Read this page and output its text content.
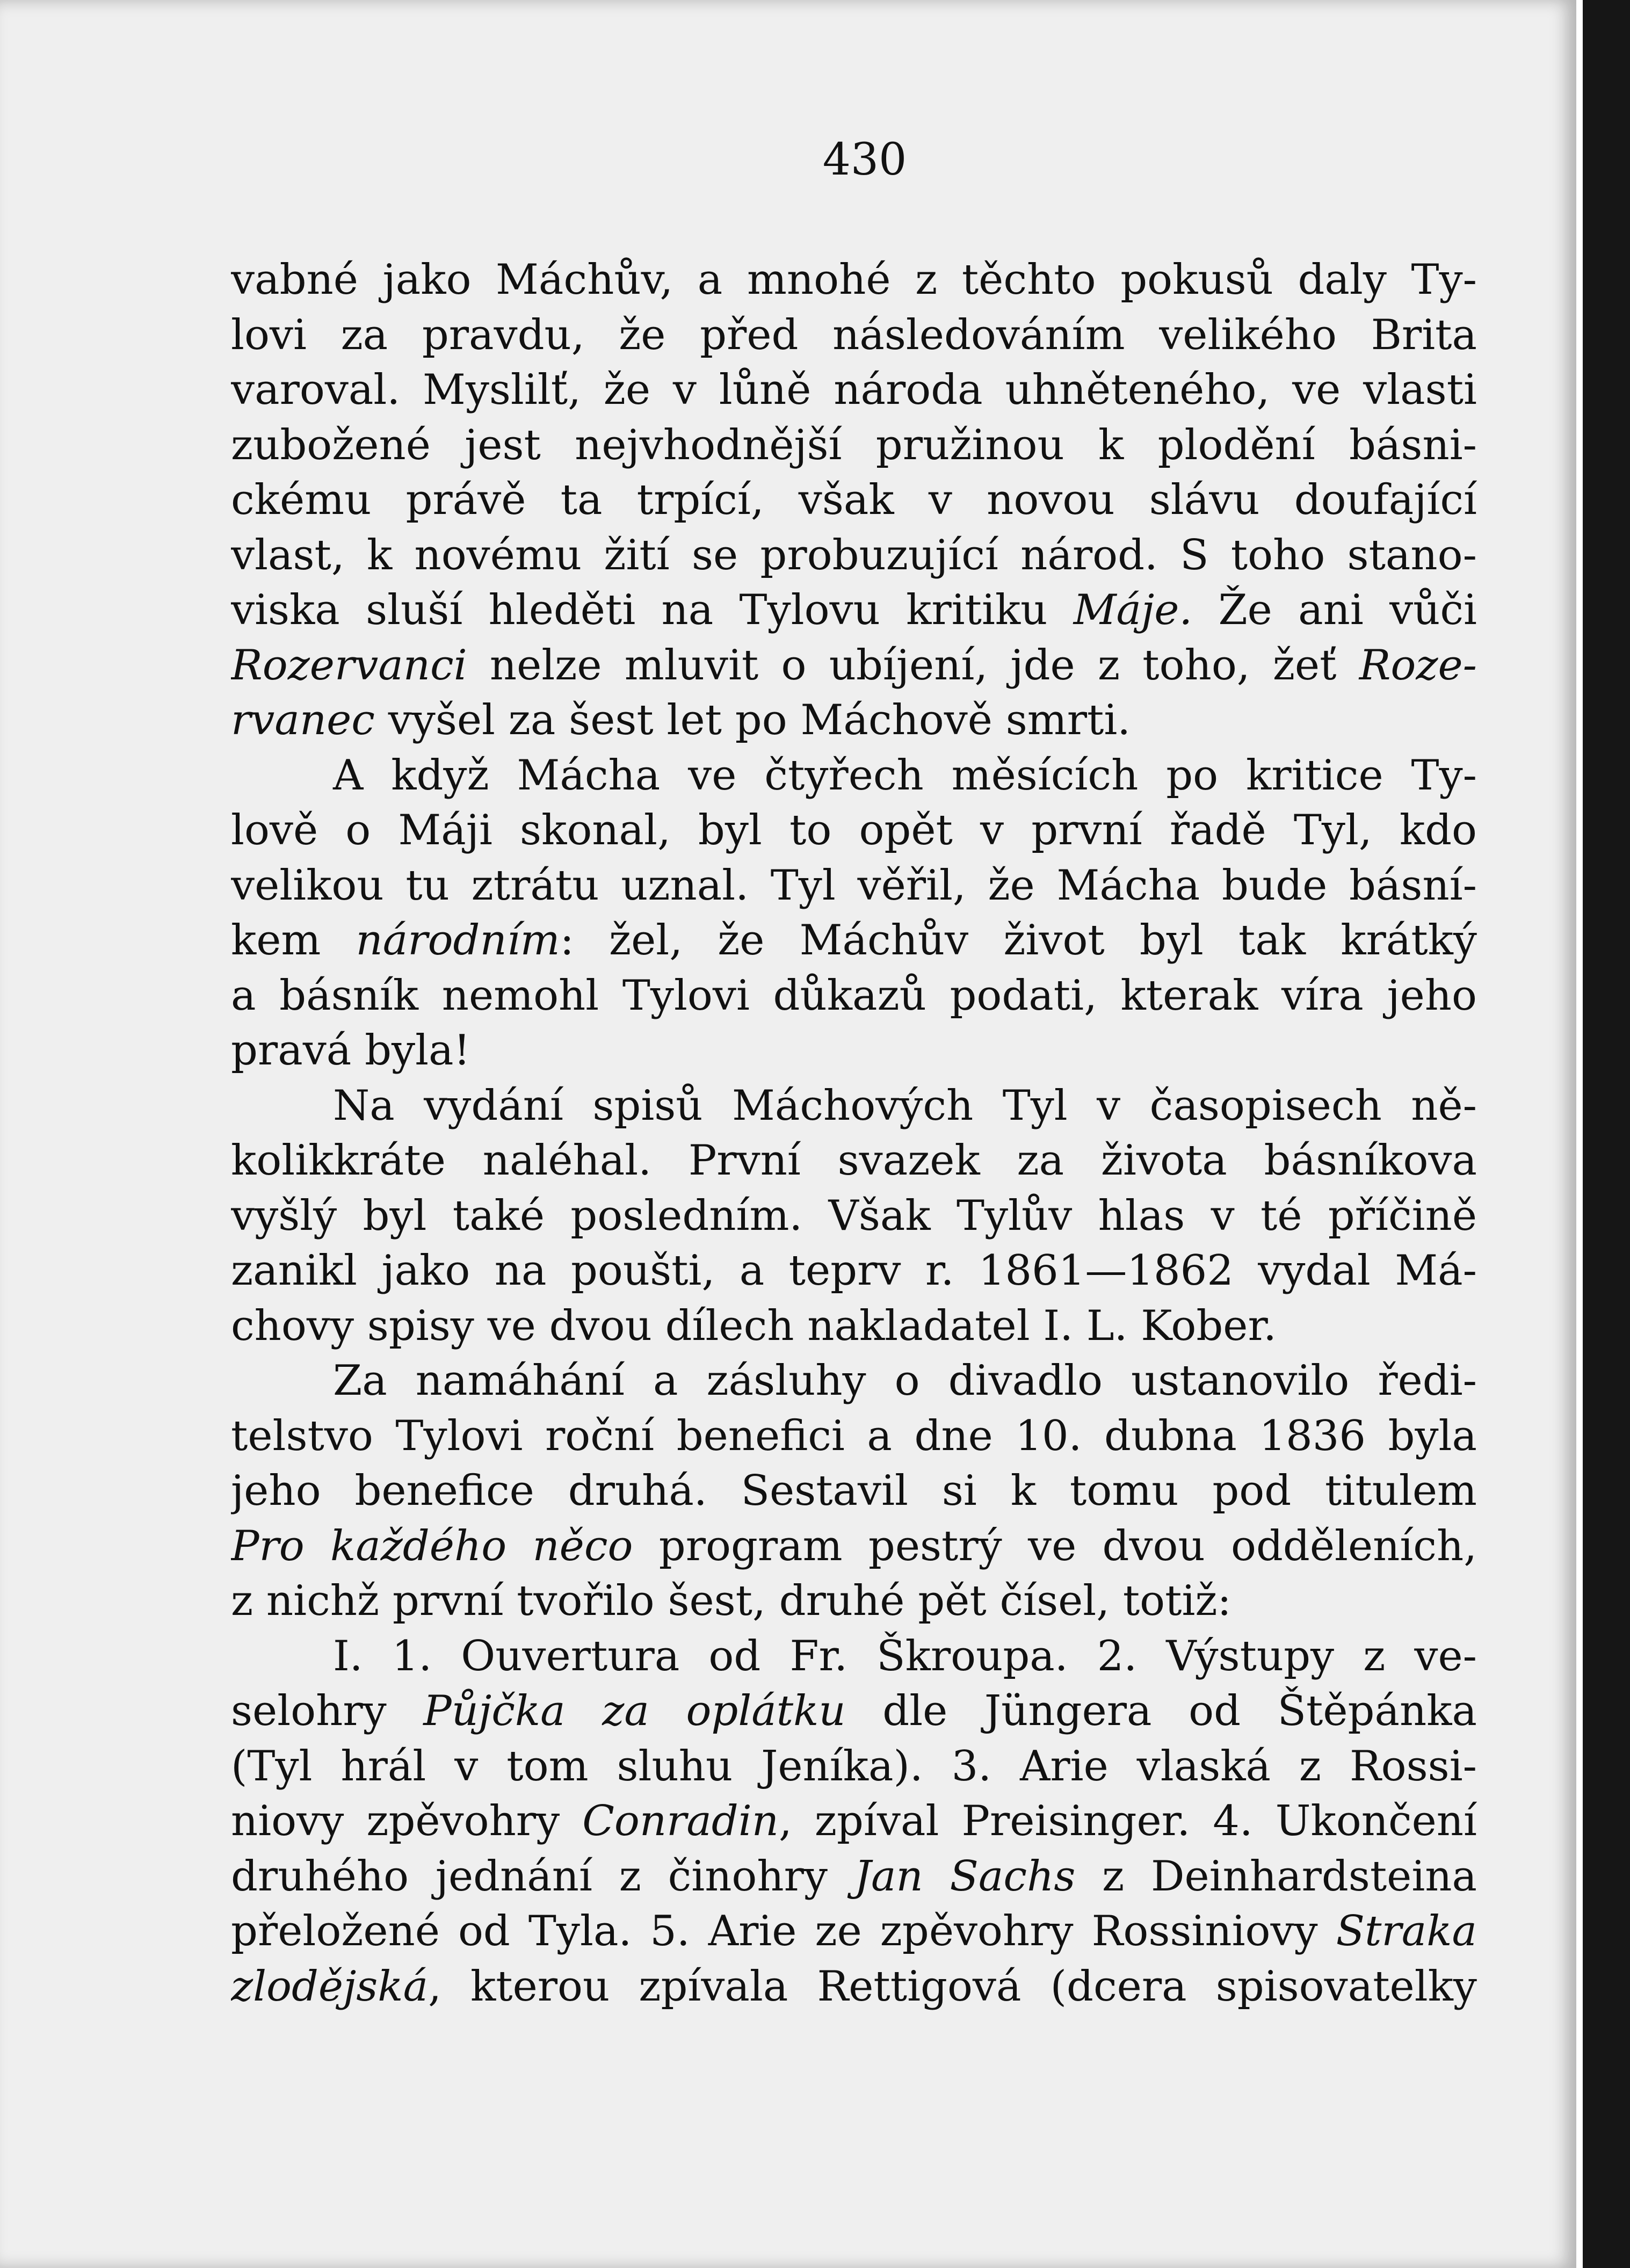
430
vabné jako Máchův, a mnohé z těchto pokusů daly Ty-
lovi za pravdu, že před následováním velikého Brita
varoval. Myslilť, že v lůně národa uhněteného, ve vlasti
zubožené jest nejvhodnější pružinou k plodění básni-
ckému právě ta trpící, však v novou slávu doufající
vlast, k novému žití se probuzující národ. S toho stano-
viska sluší hleděti na Tylovu kritiku Máje. Že ani vůči
Rozervanci nelze mluvit o ubíjení, jde z toho, žeť Roze-
rvanec vyšel za šest let po Máchově smrti.
A když Mácha ve čtyřech měsících po kritice Ty-
lově o Máji skonal, byl to opět v první řadě Tyl, kdo
velikou tu ztrátu uznal. Tyl věřil, že Mácha bude básní-
kem národním: žel, že Máchův život byl tak krátký
a básník nemohl Tylovi důkazů podati, kterak víra jeho
pravá byla!
Na vydání spisů Máchových Tyl v časopisech ně-
kolikkráte naléhal. První svazek za života básníkova
vyšlý byl také posledním. Však Tylův hlas v té příčině
zanikl jako na poušti, a teprv r. 1861—1862 vydal Má-
chovy spisy ve dvou dílech nakladatel I. L. Kober.
Za namáhání a zásluhy o divadlo ustanovilo ředi-
telstvo Tylovi roční benefici a dne 10. dubna 1836 byla
jeho benefice druhá. Sestavil si k tomu pod titulem
Pro každého něco program pestrý ve dvou odděleních,
z nichž první tvořilo šest, druhé pět čísel, totiž:
I. 1. Ouvertura od Fr. Škroupa. 2. Výstupy z ve-
selohry Půjčka za oplátku dle Jüngera od Štěpánka
(Tyl hrál v tom sluhu Jeníka). 3. Arie vlaská z Rossi-
niovy zpěvohry Conradin, zpíval Preisinger. 4. Ukončení
druhého jednání z činohry Jan Sachs z Deinhardsteina
přeložené od Tyla. 5. Arie ze zpěvohry Rossiniovy Straka
zlodějská, kterou zpívala Rettigová (dcera spisovatelky
